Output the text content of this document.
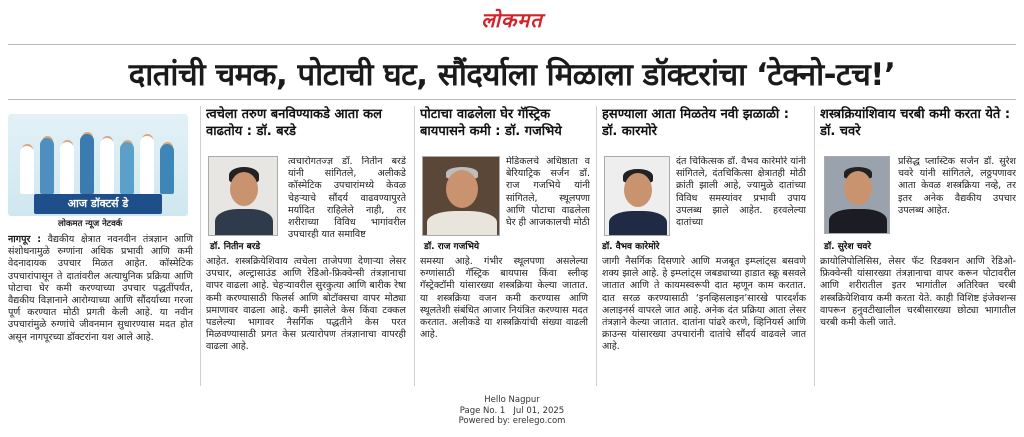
लोकमत
दातांची चमक, पोटाची घट, सौंदर्याला मिळाला डॉक्टरांचा ‘टेक्नो-टच!’
आज डॉक्टर्स डे
लोकमत न्यूज नेटवर्क
नागपूर : वैद्यकीय क्षेत्रात नवनवीन तंत्रज्ञान आणि संशोधनामुळे रुग्णांना अधिक प्रभावी आणि कमी वेदनादायक उपचार मिळत आहेत. कॉस्मेटिक उपचारांपासून ते दातांवरील अत्याधुनिक प्रक्रिया आणि पोटाचा घेर कमी करण्याच्या उपचार पद्धतींपर्यंत, वैद्यकीय विज्ञानाने आरोग्याच्या आणि सौंदर्याच्या गरजा पूर्ण करण्यात मोठी प्रगती केली आहे. या नवीन उपचारांमुळे रुग्णांचे जीवनमान सुधारण्यास मदत होत असून नागपूरच्या डॉक्टरांना यश आले आहे.
त्वचेला तरुण बनविण्याकडे आता कल वाढतोय : डॉ. बरडे
डॉ. नितीन बरडे
त्वचारोगतज्ज्ञ डॉ. नितीन बरडे यांनी सांगितले, अलीकडे कॉस्मेटिक उपचारांमध्ये केवळ चेहऱ्याचे सौंदर्य वाढवण्यापुरते मर्यादित राहिलेले नाही, तर शरीराच्या विविध भागांवरील उपचारही यात समाविष्ट
आहेत. शस्त्रक्रियेशिवाय त्वचेला ताजेपणा देणाऱ्या लेसर उपचार, अल्ट्रासाउंड आणि रेडिओ-फ्रिक्वेन्सी तंत्रज्ञानाचा वापर वाढला आहे. चेहऱ्यावरील सुरकुत्या आणि बारीक रेषा कमी करण्यासाठी फिलर्स आणि बोटॉक्सचा वापर मोठ्या प्रमाणावर वाढला आहे. कमी झालेले केस किंवा टक्कल पडलेल्या भागावर नैसर्गिक पद्धतीने केस परत मिळवण्यासाठी प्रगत केस प्रत्यारोपण तंत्रज्ञानाचा वापरही वाढला आहे.
पोटाचा वाढलेला घेर गॅस्ट्रिक बायपासने कमी : डॉ. गजभिये
डॉ. राज गजभिये
मेडिकलचे अधिष्ठाता व बेरियाट्रिक सर्जन डॉ. राज गजभिये यांनी सांगितले, स्थूलपणा आणि पोटाचा वाढलेला घेर ही आजकालची मोठी
समस्या आहे. गंभीर स्थूलपणा असलेल्या रुग्णांसाठी गॅस्ट्रिक बायपास किंवा स्लीव्ह गॅस्ट्रेक्टॉमी यांसारख्या शस्त्रक्रिया केल्या जातात. या शस्त्रक्रिया वजन कमी करण्यास आणि स्थूलतेशी संबंधित आजार नियंत्रित करण्यास मदत करतात. अलीकडे या शस्त्रक्रियांची संख्या वाढली आहे.
हसण्याला आता मिळतेय नवी झळाळी : डॉ. कारमोरे
डॉ. वैभव कारेमोरे
दंत चिकित्सक डॉ. वैभव कारेमोरे यांनी सांगितले, दंतचिकित्सा क्षेत्रातही मोठी क्रांती झाली आहे, ज्यामुळे दातांच्या विविध समस्यांवर प्रभावी उपाय उपलब्ध झाले आहेत. हरवलेल्या दातांच्या
जागी नैसर्गिक दिसणारे आणि मजबूत इम्प्लांट्स बसवणे शक्य झाले आहे. हे इम्प्लांट्स जबड्याच्या हाडात स्क्रू बसवले जातात आणि ते कायमस्वरूपी दात म्हणून काम करतात. दात सरळ करण्यासाठी ‘इनव्हिसलाइन’सारखे पारदर्शक अलाइनर्स वापरले जात आहे. अनेक दंत प्रक्रिया आता लेसर तंत्रज्ञाने केल्या जातात. दातांना पांढरे करणे, व्हिनियर्स आणि क्राउन्स यांसारख्या उपचारांनी दातांचे सौंदर्य वाढवले जात आहे.
शस्त्रक्रियांशिवाय चरबी कमी करता येते : डॉ. चवरे
डॉ. सुरेश चवरे
प्रसिद्ध प्लास्टिक सर्जन डॉ. सुरेश चवरे यांनी सांगितले, लठ्ठपणावर आता केवळ शस्त्रक्रिया नव्हे, तर इतर अनेक वैद्यकीय उपचार उपलब्ध आहेत.
क्रायोलिपोलिसिस, लेसर फॅट रिडक्शन आणि रेडिओ-फ्रिक्वेन्सी यांसारख्या तंत्रज्ञानाचा वापर करून पोटावरील आणि शरीरातील इतर भागांतील अतिरिक्त चरबी शस्त्रक्रियेशिवाय कमी करता येते. काही विशिष्ट इंजेक्शन्स वापरून हनुवटीखालील चरबीसारख्या छोट्या भागातील चरबी कमी केली जाते.
Hello Nagpur
Page No. 1   Jul 01, 2025
Powered by: erelego.com
